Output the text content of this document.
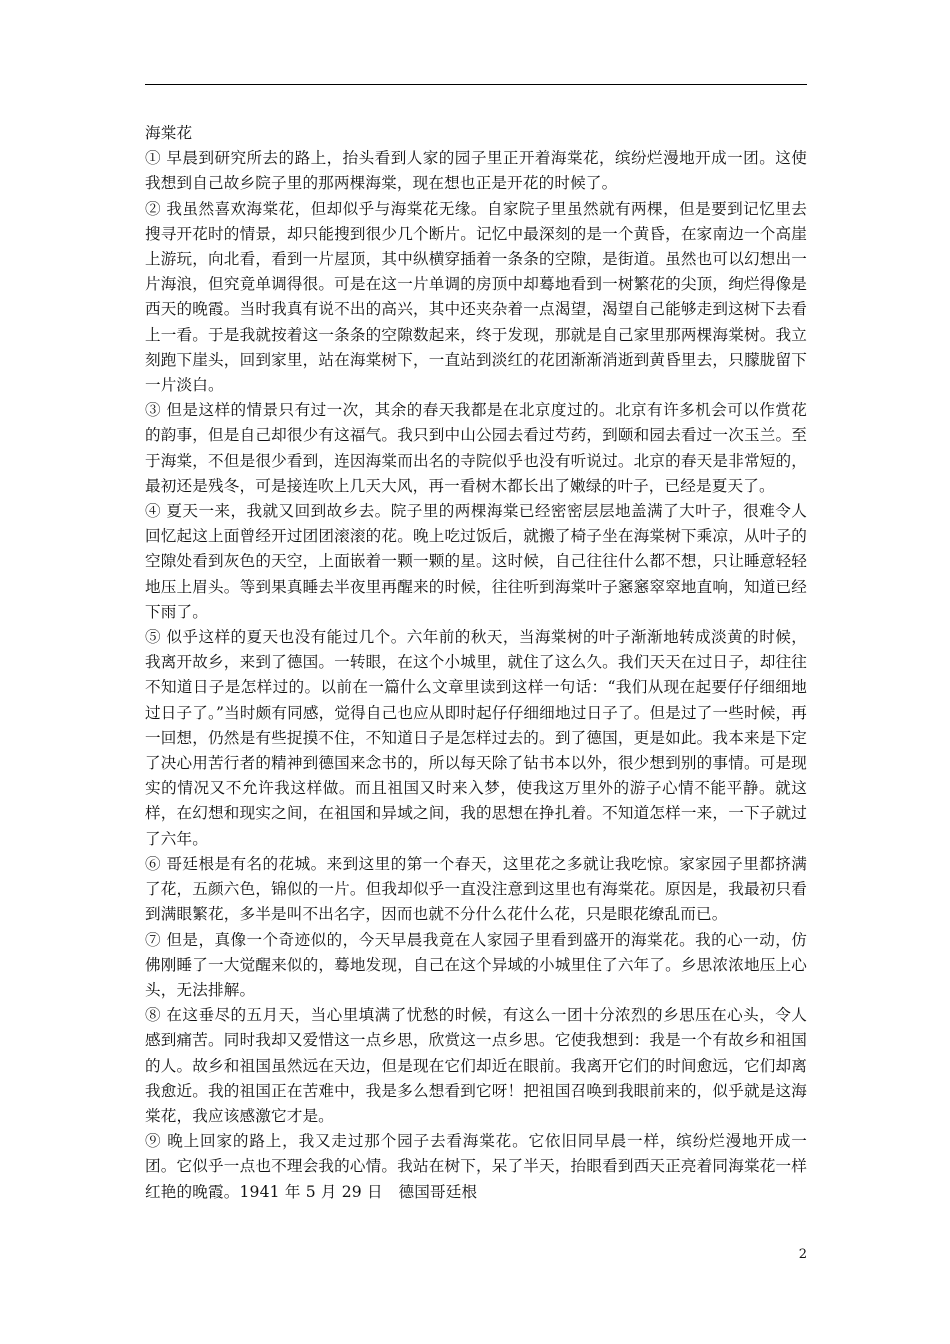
海棠花

① 早晨到研究所去的路上，抬头看到人家的园子里正开着海棠花，缤纷烂漫地开成一团。这使我想到自己故乡院子里的那两棵海棠，现在想也正是开花的时候了。

② 我虽然喜欢海棠花，但却似乎与海棠花无缘。自家院子里虽然就有两棵，但是要到记忆里去搜寻开花时的情景，却只能搜到很少几个断片。记忆中最深刻的是一个黄昏，在家南边一个高崖上游玩，向北看，看到一片屋顶，其中纵横穿插着一条条的空隙，是街道。虽然也可以幻想出一片海浪，但究竟单调得很。可是在这一片单调的房顶中却蓦地看到一树繁花的尖顶，绚烂得像是西天的晚霞。当时我真有说不出的高兴，其中还夹杂着一点渴望，渴望自己能够走到这树下去看上一看。于是我就按着这一条条的空隙数起来，终于发现，那就是自己家里那两棵海棠树。我立刻跑下崖头，回到家里，站在海棠树下，一直站到淡红的花团渐渐消逝到黄昏里去，只朦胧留下一片淡白。

③ 但是这样的情景只有过一次，其余的春天我都是在北京度过的。北京有许多机会可以作赏花的韵事，但是自己却很少有这福气。我只到中山公园去看过芍药，到颐和园去看过一次玉兰。至于海棠，不但是很少看到，连因海棠而出名的寺院似乎也没有听说过。北京的春天是非常短的，最初还是残冬，可是接连吹上几天大风，再一看树木都长出了嫩绿的叶子，已经是夏天了。

④ 夏天一来，我就又回到故乡去。院子里的两棵海棠已经密密层层地盖满了大叶子，很难令人回忆起这上面曾经开过团团滚滚的花。晚上吃过饭后，就搬了椅子坐在海棠树下乘凉，从叶子的空隙处看到灰色的天空，上面嵌着一颗一颗的星。这时候，自己往往什么都不想，只让睡意轻轻地压上眉头。等到果真睡去半夜里再醒来的时候，往往听到海棠叶子窸窸窣窣地直响，知道已经下雨了。

⑤ 似乎这样的夏天也没有能过几个。六年前的秋天，当海棠树的叶子渐渐地转成淡黄的时候，我离开故乡，来到了德国。一转眼，在这个小城里，就住了这么久。我们天天在过日子，却往往不知道日子是怎样过的。以前在一篇什么文章里读到这样一句话：“我们从现在起要仔仔细细地过日子了。”当时颇有同感，觉得自己也应从即时起仔仔细细地过日子了。但是过了一些时候，再一回想，仍然是有些捉摸不住，不知道日子是怎样过去的。到了德国，更是如此。我本来是下定了决心用苦行者的精神到德国来念书的，所以每天除了钻书本以外，很少想到别的事情。可是现实的情况又不允许我这样做。而且祖国又时来入梦，使我这万里外的游子心情不能平静。就这样，在幻想和现实之间，在祖国和异域之间，我的思想在挣扎着。不知道怎样一来，一下子就过了六年。

⑥ 哥廷根是有名的花城。来到这里的第一个春天，这里花之多就让我吃惊。家家园子里都挤满了花，五颜六色，锦似的一片。但我却似乎一直没注意到这里也有海棠花。原因是，我最初只看到满眼繁花，多半是叫不出名字，因而也就不分什么花什么花，只是眼花缭乱而已。

⑦ 但是，真像一个奇迹似的，今天早晨我竟在人家园子里看到盛开的海棠花。我的心一动，仿佛刚睡了一大觉醒来似的，蓦地发现，自己在这个异域的小城里住了六年了。乡思浓浓地压上心头，无法排解。

⑧ 在这垂尽的五月天，当心里填满了忧愁的时候，有这么一团十分浓烈的乡思压在心头，令人感到痛苦。同时我却又爱惜这一点乡思，欣赏这一点乡思。它使我想到：我是一个有故乡和祖国的人。故乡和祖国虽然远在天边，但是现在它们却近在眼前。我离开它们的时间愈远，它们却离我愈近。我的祖国正在苦难中，我是多么想看到它呀！把祖国召唤到我眼前来的，似乎就是这海棠花，我应该感激它才是。

⑨ 晚上回家的路上，我又走过那个园子去看海棠花。它依旧同早晨一样，缤纷烂漫地开成一团。它似乎一点也不理会我的心情。我站在树下，呆了半天，抬眼看到西天正亮着同海棠花一样红艳的晚霞。1941 年 5 月 29 日　德国哥廷根

2
